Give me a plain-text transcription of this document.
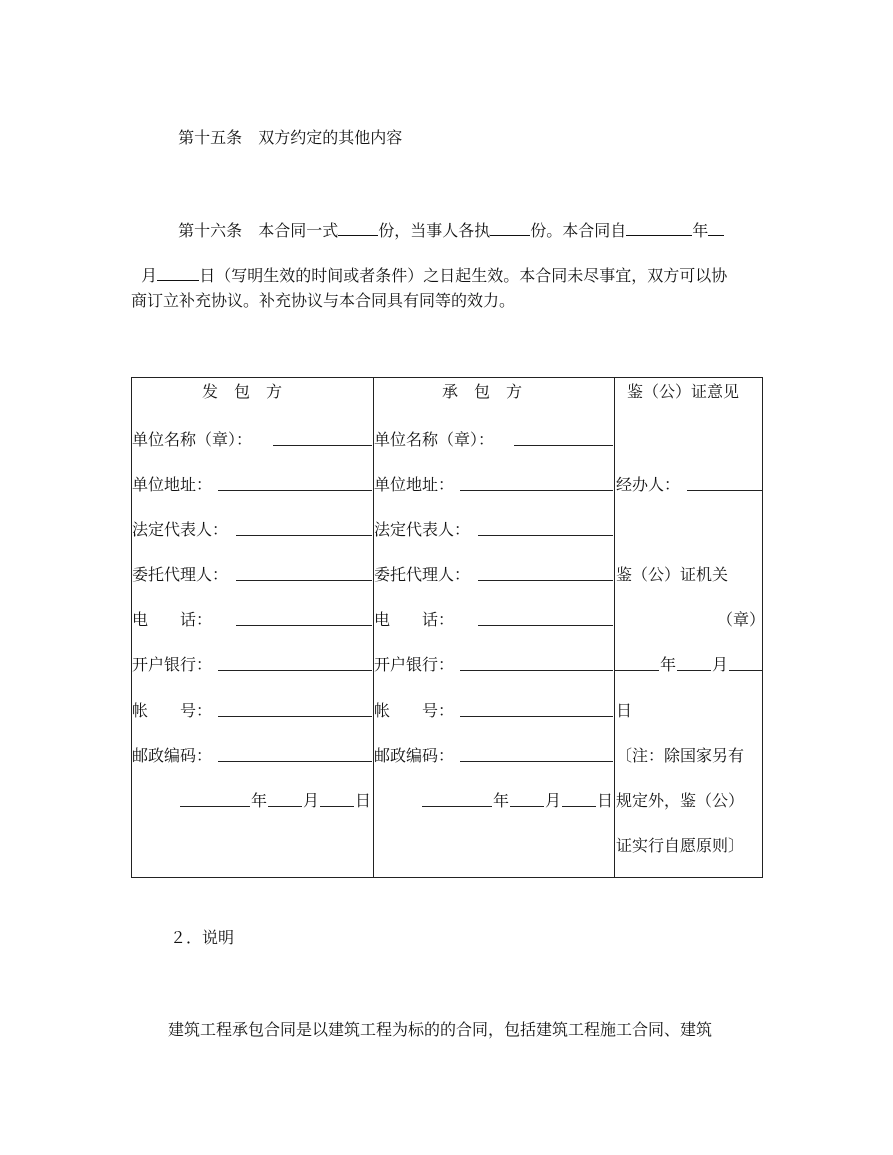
第十五条　 双方约定的其他内容

第十六条　 本合同一式	份，当事人各执	份。本合同自	年

月	日（写明生效的时间或者条件）之日起生效。本合同未尽事宜，双方可以协

商订立补充协议。补充协议与本合同具有同等的效力。
发　包　方
单位名称（章）：
单位地址：
法定代表人：
委托代理人：
电　　话：
开户银行：
帐　　号：
邮政编码：
年 月 日
承　包　方
单位名称（章）：
单位地址：
法定代表人：
委托代理人：
电　　话：
开户银行：
帐　　号：
邮政编码：
年 月 日
鉴（公）证意见
经办人：
鉴（公）证机关
（章）
年 月
日
〔注：除国家另有
规定外，鉴（公）
证实行自愿原则〕
２．说明
建筑工程承包合同是以建筑工程为标的的合同，包括建筑工程施工合同、建筑
